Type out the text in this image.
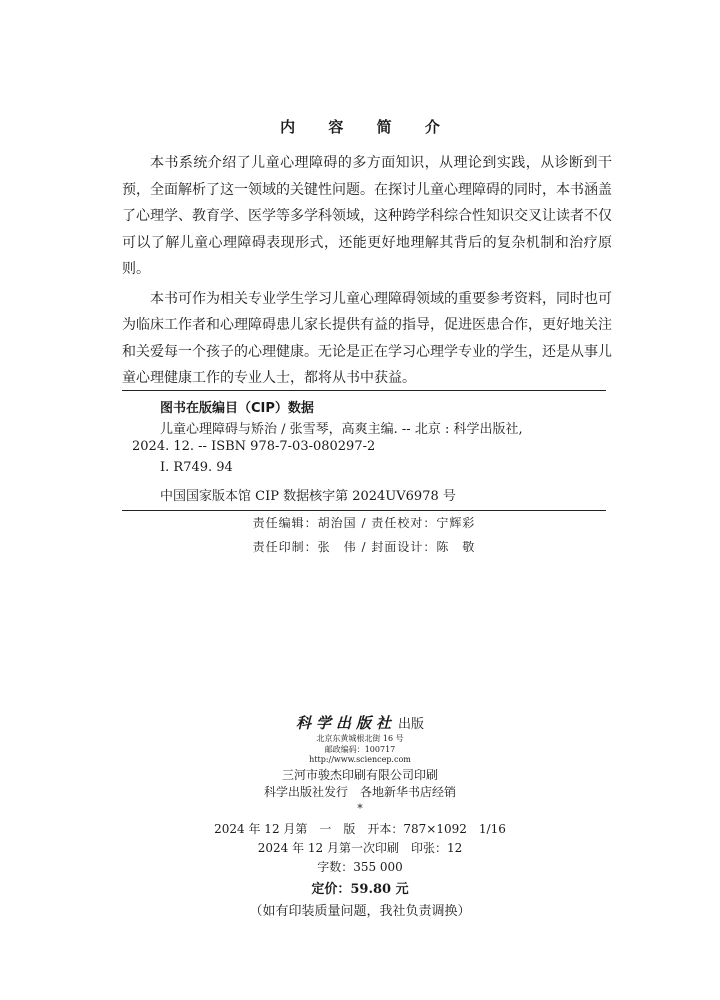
内 容 简 介

本书系统介绍了儿童心理障碍的多方面知识，从理论到实践，从诊断到干预，全面解析了这一领域的关键性问题。在探讨儿童心理障碍的同时，本书涵盖了心理学、教育学、医学等多学科领域，这种跨学科综合性知识交叉让读者不仅可以了解儿童心理障碍表现形式，还能更好地理解其背后的复杂机制和治疗原则。

本书可作为相关专业学生学习儿童心理障碍领域的重要参考资料，同时也可为临床工作者和心理障碍患儿家长提供有益的指导，促进医患合作，更好地关注和关爱每一个孩子的心理健康。无论是正在学习心理学专业的学生，还是从事儿童心理健康工作的专业人士，都将从书中获益。

图书在版编目（CIP）数据
儿童心理障碍与矫治 / 张雪琴，高爽主编. -- 北京 : 科学出版社,
2024. 12. -- ISBN 978-7-03-080297-2
Ⅰ. R749. 94
中国国家版本馆 CIP 数据核字第 2024UV6978 号
责任编辑：胡治国 / 责任校对：宁辉彩
责任印制：张　伟 / 封面设计：陈　敬
科学出版社 出版
北京东黄城根北街 16 号
邮政编码：100717
http://www.sciencep.com
三河市骏杰印刷有限公司印刷
科学出版社发行　各地新华书店经销
*
2024 年 12 月第　一　版　开本：787×1092　1/16
2024 年 12 月第一次印刷　印张：12
字数：355 000
定价：59.80 元
（如有印装质量问题，我社负责调换）
